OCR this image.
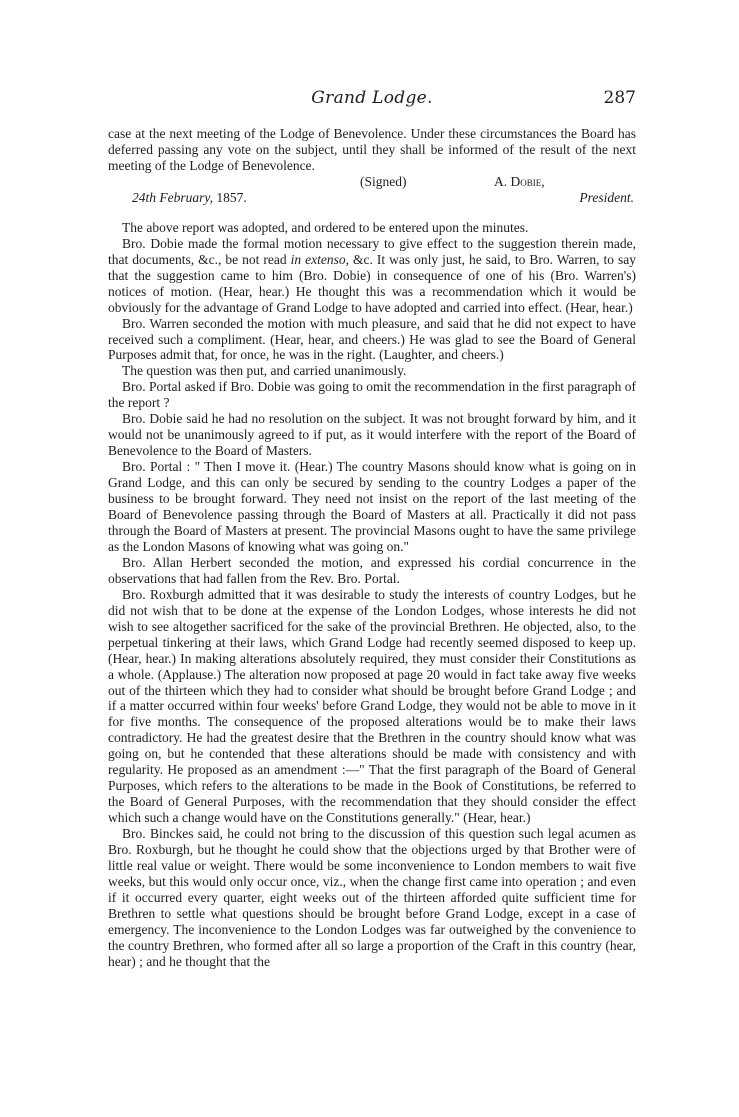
Grand Lodge.	287

case at the next meeting of the Lodge of Benevolence. Under these circumstances the Board has deferred passing any vote on the subject, until they shall be informed of the result of the next meeting of the Lodge of Benevolence.

(Signed)	A. Dobie,
24th February, 1857.	President.

The above report was adopted, and ordered to be entered upon the minutes.

Bro. Dobie made the formal motion necessary to give effect to the suggestion therein made, that documents, &c., be not read in extenso, &c. It was only just, he said, to Bro. Warren, to say that the suggestion came to him (Bro. Dobie) in consequence of one of his (Bro. Warren's) notices of motion. (Hear, hear.) He thought this was a recommendation which it would be obviously for the advantage of Grand Lodge to have adopted and carried into effect. (Hear, hear.)

Bro. Warren seconded the motion with much pleasure, and said that he did not expect to have received such a compliment. (Hear, hear, and cheers.) He was glad to see the Board of General Purposes admit that, for once, he was in the right. (Laughter, and cheers.)

The question was then put, and carried unanimously.

Bro. Portal asked if Bro. Dobie was going to omit the recommendation in the first paragraph of the report ?

Bro. Dobie said he had no resolution on the subject. It was not brought forward by him, and it would not be unanimously agreed to if put, as it would interfere with the report of the Board of Benevolence to the Board of Masters.

Bro. Portal : " Then I move it. (Hear.) The country Masons should know what is going on in Grand Lodge, and this can only be secured by sending to the country Lodges a paper of the business to be brought forward. They need not insist on the report of the last meeting of the Board of Benevolence passing through the Board of Masters at all. Practically it did not pass through the Board of Masters at present. The provincial Masons ought to have the same privilege as the London Masons of knowing what was going on."

Bro. Allan Herbert seconded the motion, and expressed his cordial concurrence in the observations that had fallen from the Rev. Bro. Portal.

Bro. Roxburgh admitted that it was desirable to study the interests of country Lodges, but he did not wish that to be done at the expense of the London Lodges, whose interests he did not wish to see altogether sacrificed for the sake of the provincial Brethren. He objected, also, to the perpetual tinkering at their laws, which Grand Lodge had recently seemed disposed to keep up. (Hear, hear.) In making alterations absolutely required, they must consider their Constitutions as a whole. (Applause.) The alteration now proposed at page 20 would in fact take away five weeks out of the thirteen which they had to consider what should be brought before Grand Lodge ; and if a matter occurred within four weeks' before Grand Lodge, they would not be able to move in it for five months. The consequence of the proposed alterations would be to make their laws contradictory. He had the greatest desire that the Brethren in the country should know what was going on, but he contended that these alterations should be made with consistency and with regularity. He proposed as an amendment :—" That the first paragraph of the Board of General Purposes, which refers to the alterations to be made in the Book of Constitutions, be referred to the Board of General Purposes, with the recommendation that they should consider the effect which such a change would have on the Constitutions generally." (Hear, hear.)

Bro. Binckes said, he could not bring to the discussion of this question such legal acumen as Bro. Roxburgh, but he thought he could show that the objections urged by that Brother were of little real value or weight. There would be some inconvenience to London members to wait five weeks, but this would only occur once, viz., when the change first came into operation ; and even if it occurred every quarter, eight weeks out of the thirteen afforded quite sufficient time for Brethren to settle what questions should be brought before Grand Lodge, except in a case of emergency. The inconvenience to the London Lodges was far outweighed by the convenience to the country Brethren, who formed after all so large a proportion of the Craft in this country (hear, hear) ; and he thought that the
